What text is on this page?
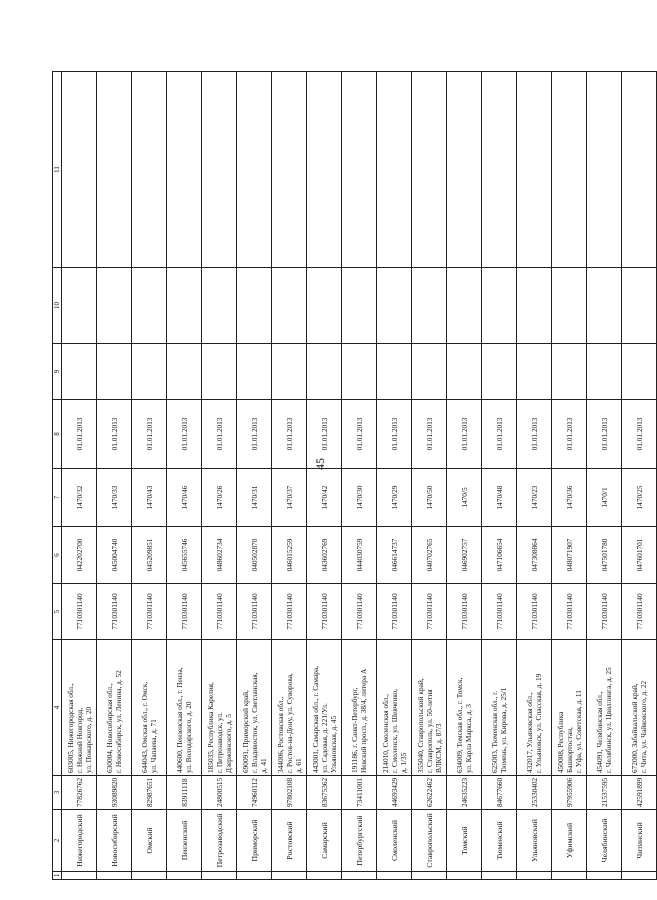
45
1	2	3	4	5	6	7	8	9	10	11
	Нижегородский	77826762	603005, Нижегородская обл., г. Нижний Новгород, ул. Пожарского, д. 20	7710301140	042202700	1470/32	01.01.2013			
	Новосибирский	93089820	630004, Новосибирская обл., г. Новосибирск, ул. Ленина, д. 52	7710301140	045004740	1470/33	01.01.2013			
	Омский	82987651	644043, Омская обл., г. Омск, ул. Чапаева, д. 71	7710301140	045209851	1470/43	01.01.2013			
	Пензенский	83911118	440600, Пензенская обл., г. Пенза, ул. Володарского, д. 20	7710301140	045655746	1470/46	01.01.2013			
	Петрозаводский	24800515	185035, Республика Карелия, г. Петрозаводск, ул. Дзержинского, д. 5	7710301140	048602734	1470/26	01.01.2013			
	Приморский	74960112	690091, Приморский край, г. Владивосток, ул. Светланская, д. 41	7710301140	040502870	1470/31	01.01.2013			
	Ростовский	97802108	344006, Ростовская обл., г. Ростов-на-Дону, ул. Суворова, д. 61	7710301140	046015259	1470/37	01.01.2013			
	Самарский	83675362	443001, Самарская обл., г. Самара, ул. Садовая, д. 221/Ул. Ульяновская, д. 45	7710301140	043602769	1470/42	01.01.2013			
	Петербургский	73411001	191186, г. Санкт-Петербург, Невский просп., д. 38/4, литера А	7710301140	044030759	1470/30	01.01.2013			
	Смоленский	44693429	214010, Смоленская обл., г. Смоленск, ул. Шевченко, д. 1/35	7710301140	046614737	1470/29	01.01.2013			
	Ставропольский	62622462	355040, Ставропольский край, г. Ставрополь, ул. 50-летия ВЛКСМ, д. 87/3	7710301140	040702765	1470/50	01.01.2013			
	Томский	24635223	634009, Томская обл., г. Томск, ул. Карла Маркса, д. 3	7710301140	046902757	1470/5	01.01.2013			
	Тюменский	84677660	625003, Тюменская обл., г. Тюмень, ул. Кирова, д. 25/1	7710301140	047106654	1470/48	01.01.2013			
	Ульяновский	25330402	432017, Ульяновская обл., г. Ульяновск, ул. Спасская, д. 19	7710301140	047308864	1470/23	01.01.2013			
	Уфимский	97955906	450008, Республика Башкортостан, г. Уфа, ул. Советская, д. 11	7710301140	048071907	1470/36	01.01.2013			
	Челябинский	21537595	454091, Челябинская обл., г. Челябинск, ул. Цвиллинга, д. 25	7710301140	047501780	1470/1	01.01.2013			
	Читинский	42591899	672000, Забайкальский край, г. Чита, ул. Чайковского, д. 22	7710301140	047601701	1470/25	01.01.2013			
